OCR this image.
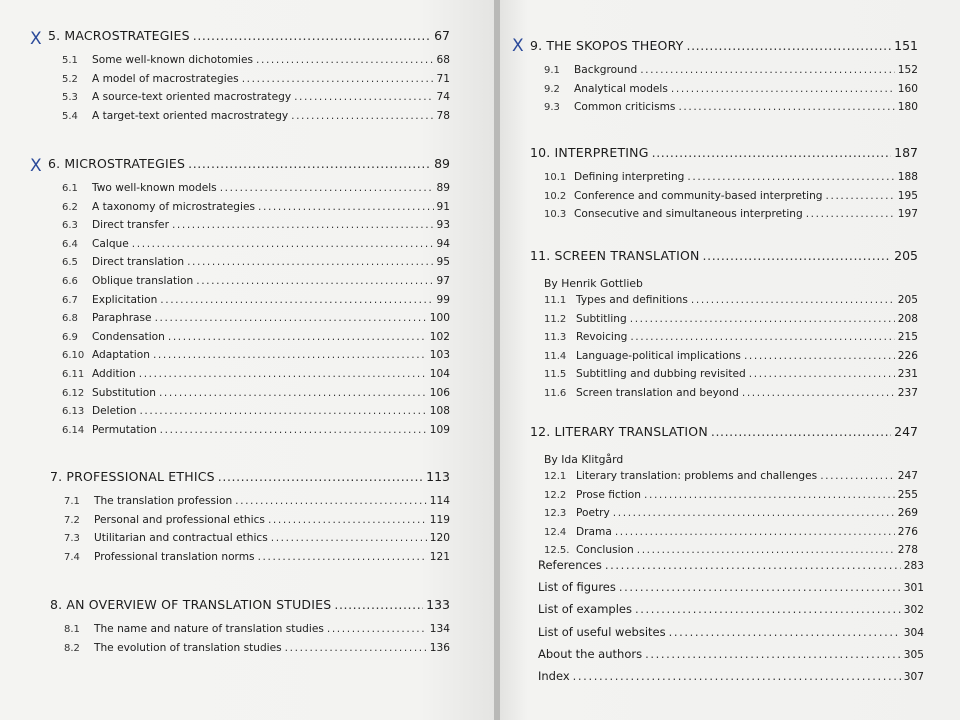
5. MACROSTRATEGIES .....	67
5.1	Some well-known dichotomies .....	68
5.2	A model of macrostrategies .....	71
5.3	A source-text oriented macrostrategy .....	74
5.4	A target-text oriented macrostrategy .....	78
6. MICROSTRATEGIES .....	89
6.1	Two well-known models .....	89
6.2	A taxonomy of microstrategies .....	91
6.3	Direct transfer .....	93
6.4	Calque .....	94
6.5	Direct translation .....	95
6.6	Oblique translation .....	97
6.7	Explicitation .....	99
6.8	Paraphrase .....	100
6.9	Condensation .....	102
6.10 Adaptation .....	103
6.11 Addition .....	104
6.12 Substitution .....	106
6.13 Deletion .....	108
6.14 Permutation .....	109
7. PROFESSIONAL ETHICS .....	113
7.1	The translation profession .....	114
7.2	Personal and professional ethics .....	119
7.3	Utilitarian and contractual ethics .....	120
7.4	Professional translation norms .....	121
8. AN OVERVIEW OF TRANSLATION STUDIES .....	133
8.1	The name and nature of translation studies .....	134
8.2	The evolution of translation studies .....	136
X
X
9. THE SKOPOS THEORY .....	151
9.1	Background .....	152
9.2	Analytical models .....	160
9.3	Common criticisms .....	180
10. INTERPRETING .....	187
10.1 Defining interpreting .....	188
10.2 Conference and community-based interpreting .....	195
10.3 Consecutive and simultaneous interpreting .....	197
11. SCREEN TRANSLATION .....	205
By Henrik Gottlieb
11.1 Types and definitions .....	205
11.2 Subtitling .....	208
11.3 Revoicing .....	215
11.4 Language-political implications .....	226
11.5 Subtitling and dubbing revisited .....	231
11.6 Screen translation and beyond .....	237
12. LITERARY TRANSLATION .....	247
By Ida Klitgård
12.1 Literary translation: problems and challenges .....	247
12.2 Prose fiction .....	255
12.3 Poetry .....	269
12.4 Drama .....	276
12.5. Conclusion .....	278
X
References .....	283
List of figures .....	301
List of examples .....	302
List of useful websites .....	304
About the authors .....	305
Index .....	307
